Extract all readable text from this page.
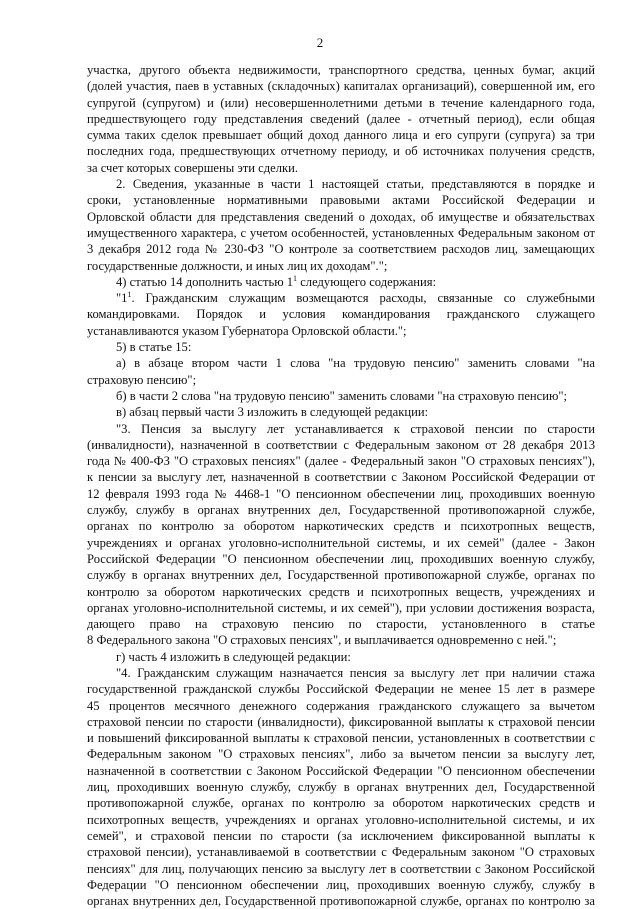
2
участка, другого объекта недвижимости, транспортного средства, ценных бумаг, акций
(долей участия, паев в уставных (складочных) капиталах организаций), совершенной им, его
супругой (супругом) и (или) несовершеннолетними детьми в течение календарного года,
предшествующего году представления сведений (далее - отчетный период), если общая
сумма таких сделок превышает общий доход данного лица и его супруги (супруга) за три
последних года, предшествующих отчетному периоду, и об источниках получения средств,
за счет которых совершены эти сделки.
2. Сведения, указанные в части 1 настоящей статьи, представляются в порядке и
сроки, установленные нормативными правовыми актами Российской Федерации и
Орловской области для представления сведений о доходах, об имуществе и обязательствах
имущественного характера, с учетом особенностей, установленных Федеральным законом от
3 декабря 2012 года № 230-ФЗ "О контроле за соответствием расходов лиц, замещающих
государственные должности, и иных лиц их доходам".";
4) статью 14 дополнить частью $1^1$ следующего содержания:
"$1^1$. Гражданским служащим возмещаются расходы, связанные со служебными
командировками. Порядок и условия командирования гражданского служащего
устанавливаются указом Губернатора Орловской области.";
5) в статье 15:
а) в абзаце втором части 1 слова "на трудовую пенсию" заменить словами "на
страховую пенсию";
б) в части 2 слова "на трудовую пенсию" заменить словами "на страховую пенсию";
в) абзац первый части 3 изложить в следующей редакции:
"3. Пенсия за выслугу лет устанавливается к страховой пенсии по старости
(инвалидности), назначенной в соответствии с Федеральным законом от 28 декабря 2013
года № 400-ФЗ "О страховых пенсиях" (далее - Федеральный закон "О страховых пенсиях"),
к пенсии за выслугу лет, назначенной в соответствии с Законом Российской Федерации от
12 февраля 1993 года № 4468-1 "О пенсионном обеспечении лиц, проходивших военную
службу, службу в органах внутренних дел, Государственной противопожарной службе,
органах по контролю за оборотом наркотических средств и психотропных веществ,
учреждениях и органах уголовно-исполнительной системы, и их семей" (далее - Закон
Российской Федерации "О пенсионном обеспечении лиц, проходивших военную службу,
службу в органах внутренних дел, Государственной противопожарной службе, органах по
контролю за оборотом наркотических средств и психотропных веществ, учреждениях и
органах уголовно-исполнительной системы, и их семей"), при условии достижения возраста,
дающего право на страховую пенсию по старости, установленного в статье
8 Федерального закона "О страховых пенсиях", и выплачивается одновременно с ней.";
г) часть 4 изложить в следующей редакции:
"4. Гражданским служащим назначается пенсия за выслугу лет при наличии стажа
государственной гражданской службы Российской Федерации не менее 15 лет в размере
45 процентов месячного денежного содержания гражданского служащего за вычетом
страховой пенсии по старости (инвалидности), фиксированной выплаты к страховой пенсии
и повышений фиксированной выплаты к страховой пенсии, установленных в соответствии с
Федеральным законом "О страховых пенсиях", либо за вычетом пенсии за выслугу лет,
назначенной в соответствии с Законом Российской Федерации "О пенсионном обеспечении
лиц, проходивших военную службу, службу в органах внутренних дел, Государственной
противопожарной службе, органах по контролю за оборотом наркотических средств и
психотропных веществ, учреждениях и органах уголовно-исполнительной системы, и их
семей", и страховой пенсии по старости (за исключением фиксированной выплаты к
страховой пенсии), устанавливаемой в соответствии с Федеральным законом "О страховых
пенсиях" для лиц, получающих пенсию за выслугу лет в соответствии с Законом Российской
Федерации "О пенсионном обеспечении лиц, проходивших военную службу, службу в
органах внутренних дел, Государственной противопожарной службе, органах по контролю за
